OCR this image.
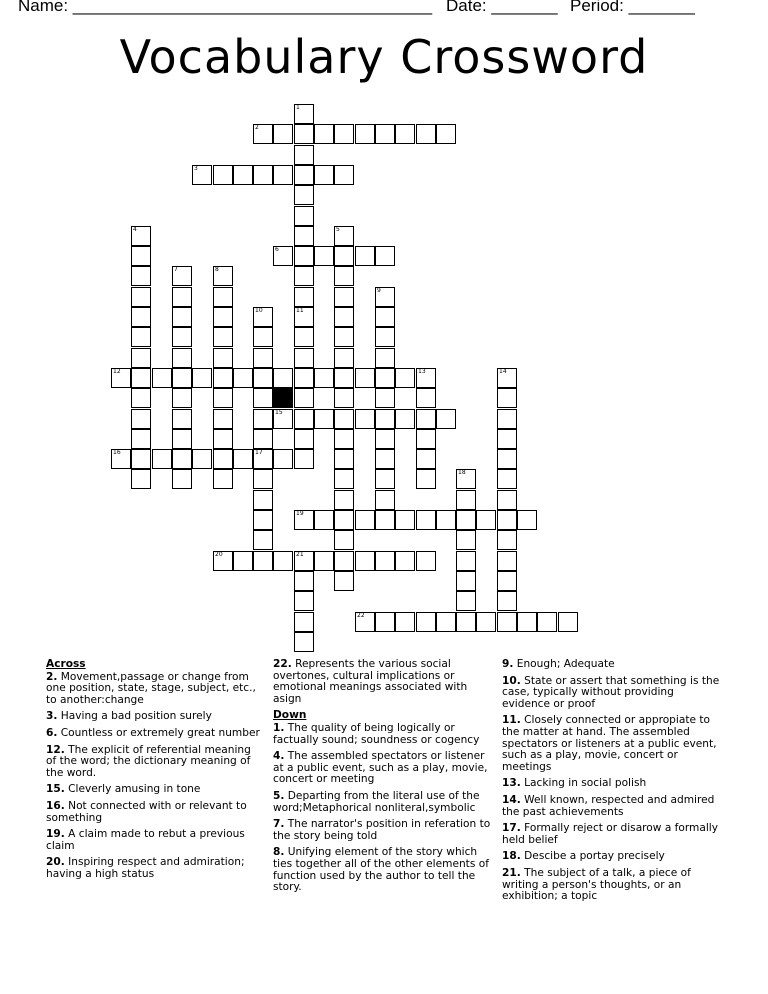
Name: ______________________________________ Date: _______ Period: _______
Vocabulary Crossword
1
11
2
3
4	5
6
7	8
9
10
12	13	14
15
16	17
18
19
20	21
22
Across
2. Movement,passage or change from one position, state, stage, subject, etc., to another:change
3. Having a bad position surely
6. Countless or extremely great number
12. The explicit of referential meaning of the word; the dictionary meaning of the word.
15. Cleverly amusing in tone
16. Not connected with or relevant to something
19. A claim made to rebut a previous claim
20. Inspiring respect and admiration; having a high status
22. Represents the various social overtones, cultural implications or emotional meanings associated with asign
Down
1. The quality of being logically or factually sound; soundness or cogency
4. The assembled spectators or listener at a public event, such as a play, movie, concert or meeting
5. Departing from the literal use of the word;Metaphorical nonliteral,symbolic
7. The narrator's position in referation to the story being told
8. Unifying element of the story which ties together all of the other elements of function used by the author to tell the story.
9. Enough; Adequate
10. State or assert that something is the case, typically without providing evidence or proof
11. Closely connected or appropiate to the matter at hand. The assembled spectators or listeners at a public event, such as a play, movie, concert or meetings
13. Lacking in social polish
14. Well known, respected and admired the past achievements
17. Formally reject or disarow a formally held belief
18. Descibe a portay precisely
21. The subject of a talk, a piece of writing a person's thoughts, or an exhibition; a topic
